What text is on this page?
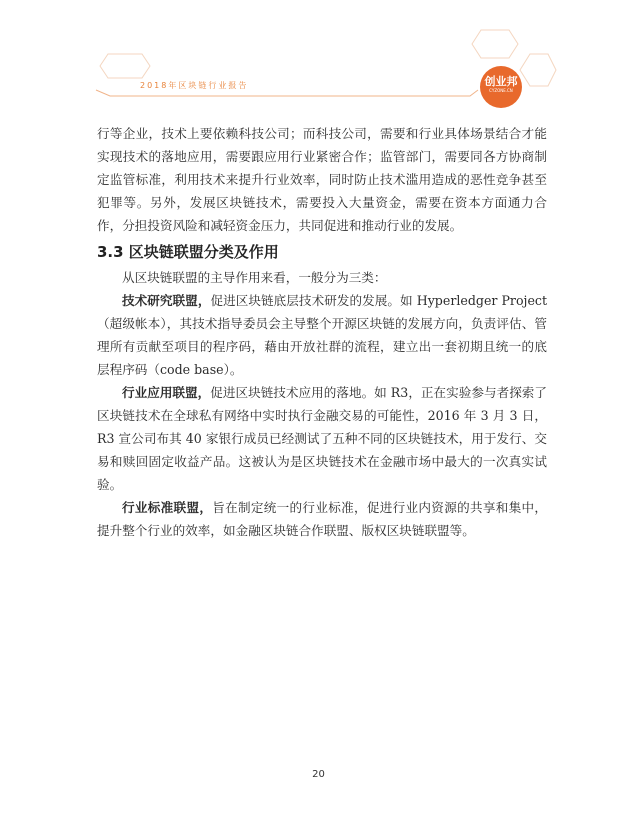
2018年区块链行业报告	创业邦
CYZONE.CN

行等企业，技术上要依赖科技公司；而科技公司，需要和行业具体场景结合才能实现技术的落地应用，需要跟应用行业紧密合作；监管部门，需要同各方协商制定监管标准，利用技术来提升行业效率，同时防止技术滥用造成的恶性竞争甚至犯罪等。另外，发展区块链技术，需要投入大量资金，需要在资本方面通力合作，分担投资风险和减轻资金压力，共同促进和推动行业的发展。

3.3 区块链联盟分类及作用

从区块链联盟的主导作用来看，一般分为三类：

技术研究联盟，促进区块链底层技术研发的发展。如 Hyperledger Project（超级帐本），其技术指导委员会主导整个开源区块链的发展方向，负责评估、管理所有贡献至项目的程序码，藉由开放社群的流程，建立出一套初期且统一的底层程序码（code base）。

行业应用联盟，促进区块链技术应用的落地。如 R3，正在实验参与者探索了区块链技术在全球私有网络中实时执行金融交易的可能性，2016 年 3 月 3 日，R3 宣公司布其 40 家银行成员已经测试了五种不同的区块链技术，用于发行、交易和赎回固定收益产品。这被认为是区块链技术在金融市场中最大的一次真实试验。

行业标准联盟，旨在制定统一的行业标准，促进行业内资源的共享和集中，提升整个行业的效率，如金融区块链合作联盟、版权区块链联盟等。

20
